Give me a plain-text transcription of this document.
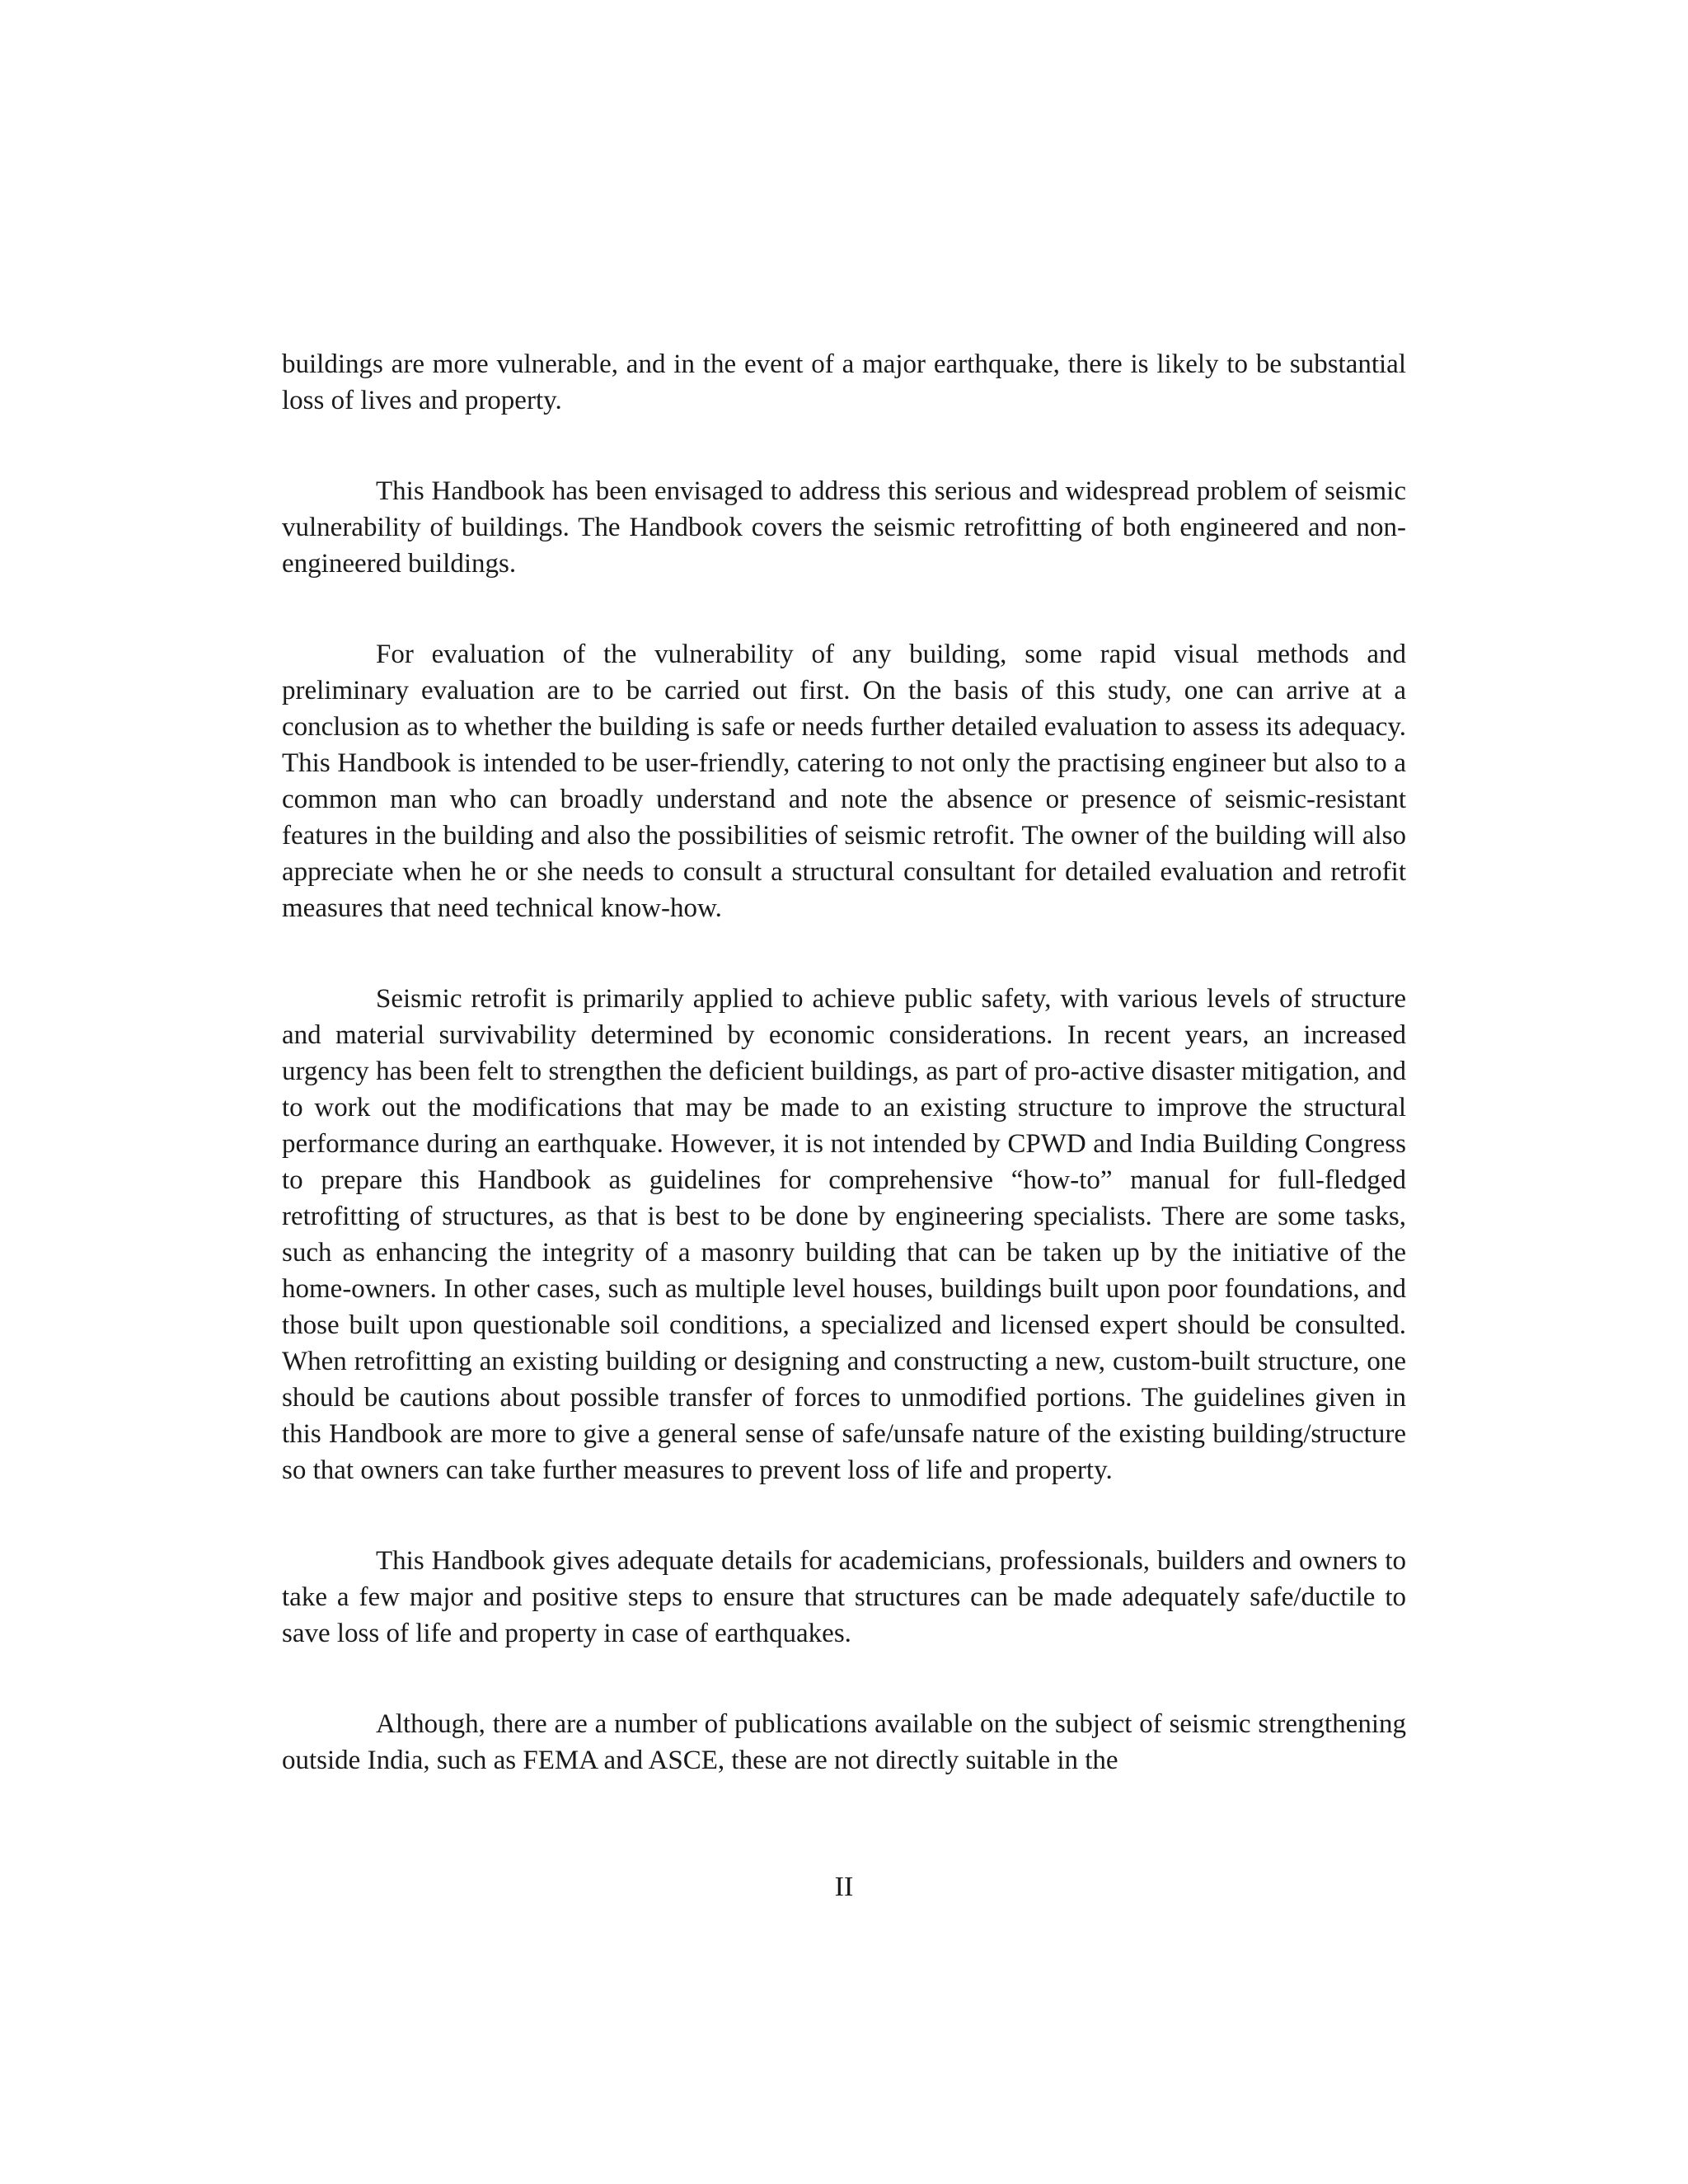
buildings are more vulnerable, and in the event of a major earthquake, there is likely to be substantial loss of lives and property.

This Handbook has been envisaged to address this serious and widespread problem of seismic vulnerability of buildings. The Handbook covers the seismic retrofitting of both engineered and non-engineered buildings.

For evaluation of the vulnerability of any building, some rapid visual methods and preliminary evaluation are to be carried out first. On the basis of this study, one can arrive at a conclusion as to whether the building is safe or needs further detailed evaluation to assess its adequacy. This Handbook is intended to be user-friendly, catering to not only the practising engineer but also to a common man who can broadly understand and note the absence or presence of seismic-resistant features in the building and also the possibilities of seismic retrofit. The owner of the building will also appreciate when he or she needs to consult a structural consultant for detailed evaluation and retrofit measures that need technical know-how.

Seismic retrofit is primarily applied to achieve public safety, with various levels of structure and material survivability determined by economic considerations. In recent years, an increased urgency has been felt to strengthen the deficient buildings, as part of pro-active disaster mitigation, and to work out the modifications that may be made to an existing structure to improve the structural performance during an earthquake. However, it is not intended by CPWD and India Building Congress to prepare this Handbook as guidelines for comprehensive “how-to” manual for full-fledged retrofitting of structures, as that is best to be done by engineering specialists. There are some tasks, such as enhancing the integrity of a masonry building that can be taken up by the initiative of the home-owners. In other cases, such as multiple level houses, buildings built upon poor foundations, and those built upon questionable soil conditions, a specialized and licensed expert should be consulted. When retrofitting an existing building or designing and constructing a new, custom-built structure, one should be cautions about possible transfer of forces to unmodified portions. The guidelines given in this Handbook are more to give a general sense of safe/unsafe nature of the existing building/structure so that owners can take further measures to prevent loss of life and property.

This Handbook gives adequate details for academicians, professionals, builders and owners to take a few major and positive steps to ensure that structures can be made adequately safe/ductile to save loss of life and property in case of earthquakes.

Although, there are a number of publications available on the subject of seismic strengthening outside India, such as FEMA and ASCE, these are not directly suitable in the

II
